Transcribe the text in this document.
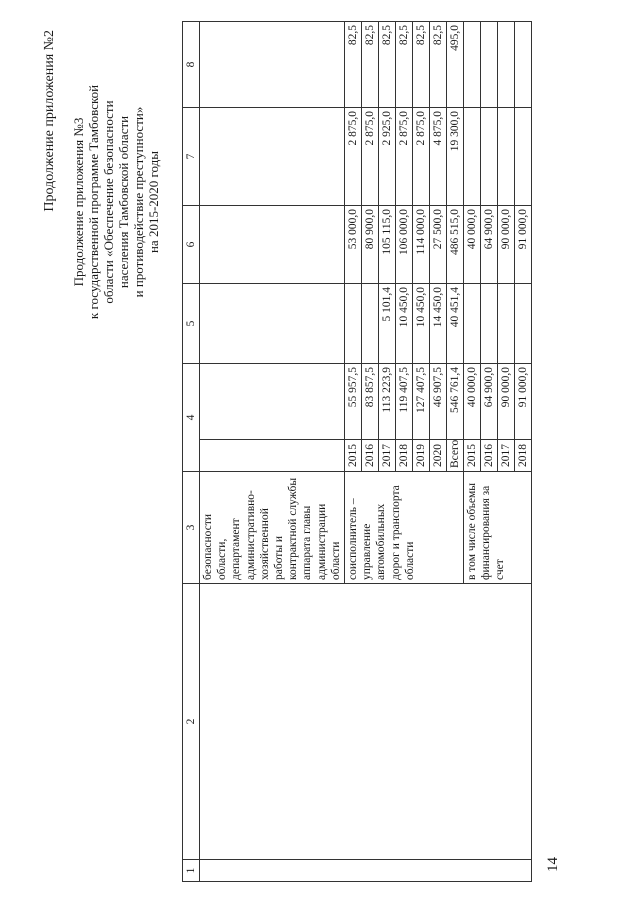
14
Продолжение приложения №2 Продолжение приложения №3 к государственной программе Тамбовской области «Обеспечение безопасности населения Тамбовской области и противодействие преступности» на 2015-2020 годы
1	2	3	4		5	6	7	8
		безопасности области, департамент административно-хозяйственной работы и контрактной службы аппарата главы администрации области						
		соисполнитель – управление автомобильных дорог и транспорта области	2015	55 957,5		53 000,0	2 875,0	82,5
			2016	83 857,5		80 900,0	2 875,0	82,5
			2017	113 223,9	5 101,4	105 115,0	2 925,0	82,5
			2018	119 407,5	10 450,0	106 000,0	2 875,0	82,5
			2019	127 407,5	10 450,0	114 000,0	2 875,0	82,5
			2020	46 907,5	14 450,0	27 500,0	4 875,0	82,5
			Всего	546 761,4	40 451,4	486 515,0	19 300,0	495,0
		в том числе объемы финансирования за счет	2015	40 000,0		40 000,0		
			2016	64 900,0		64 900,0		
			2017	90 000,0		90 000,0		
			2018	91 000,0		91 000,0		
